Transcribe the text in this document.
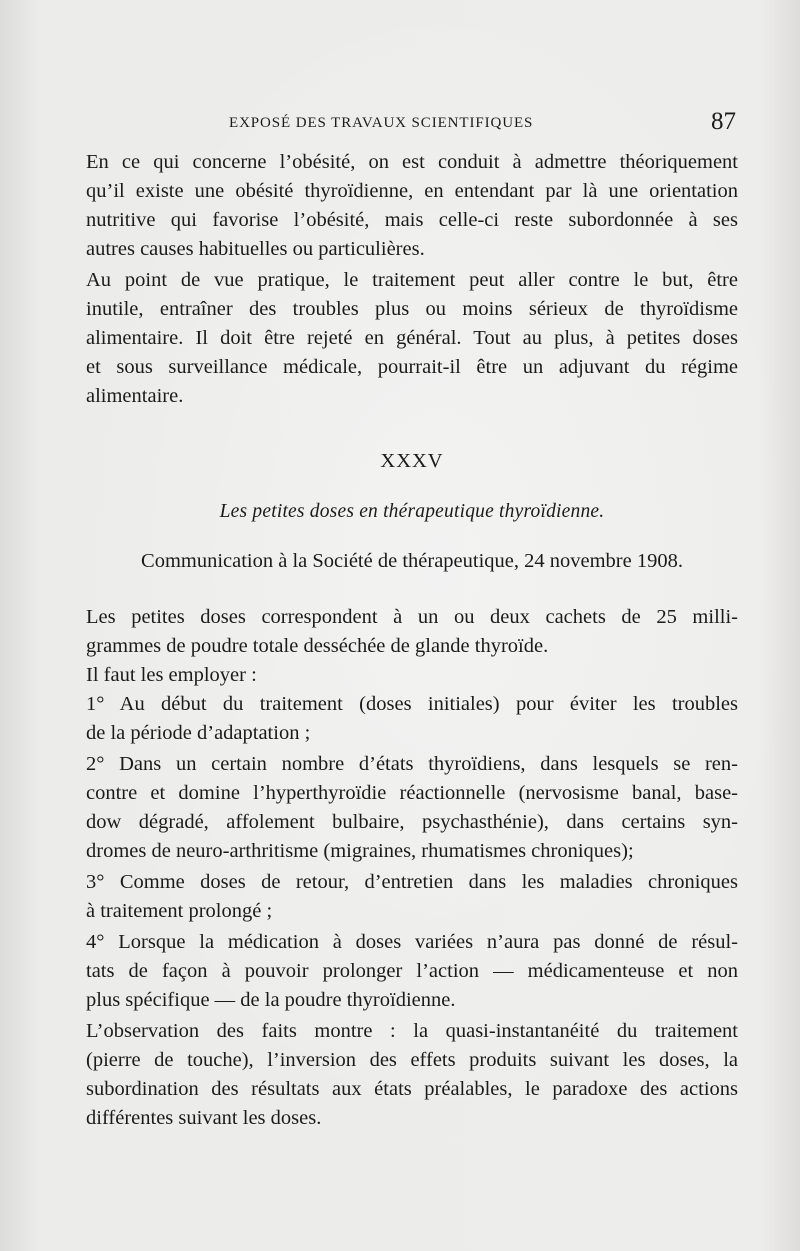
EXPOSÉ DES TRAVAUX SCIENTIFIQUES	87

En ce qui concerne l’obésité, on est conduit à admettre théoriquement
qu’il existe une obésité thyroïdienne, en entendant par là une orientation
nutritive qui favorise l’obésité, mais celle-ci reste subordonnée à ses
autres causes habituelles ou particulières.

Au point de vue pratique, le traitement peut aller contre le but, être
inutile, entraîner des troubles plus ou moins sérieux de thyroïdisme
alimentaire. Il doit être rejeté en général. Tout au plus, à petites doses
et sous surveillance médicale, pourrait-il être un adjuvant du régime
alimentaire.

XXXV
Les petites doses en thérapeutique thyroïdienne.
Communication à la Société de thérapeutique, 24 novembre 1908.

Les petites doses correspondent à un ou deux cachets de 25 milli-
grammes de poudre totale desséchée de glande thyroïde.

Il faut les employer :

1° Au début du traitement (doses initiales) pour éviter les troubles
de la période d’adaptation ;

2° Dans un certain nombre d’états thyroïdiens, dans lesquels se ren-
contre et domine l’hyperthyroïdie réactionnelle (nervosisme banal, base-
dow dégradé, affolement bulbaire, psychasthénie), dans certains syn-
dromes de neuro-arthritisme (migraines, rhumatismes chroniques);

3° Comme doses de retour, d’entretien dans les maladies chroniques
à traitement prolongé ;

4° Lorsque la médication à doses variées n’aura pas donné de résul-
tats de façon à pouvoir prolonger l’action — médicamenteuse et non
plus spécifique — de la poudre thyroïdienne.

L’observation des faits montre : la quasi-instantanéité du traitement
(pierre de touche), l’inversion des effets produits suivant les doses, la
subordination des résultats aux états préalables, le paradoxe des actions
différentes suivant les doses.
